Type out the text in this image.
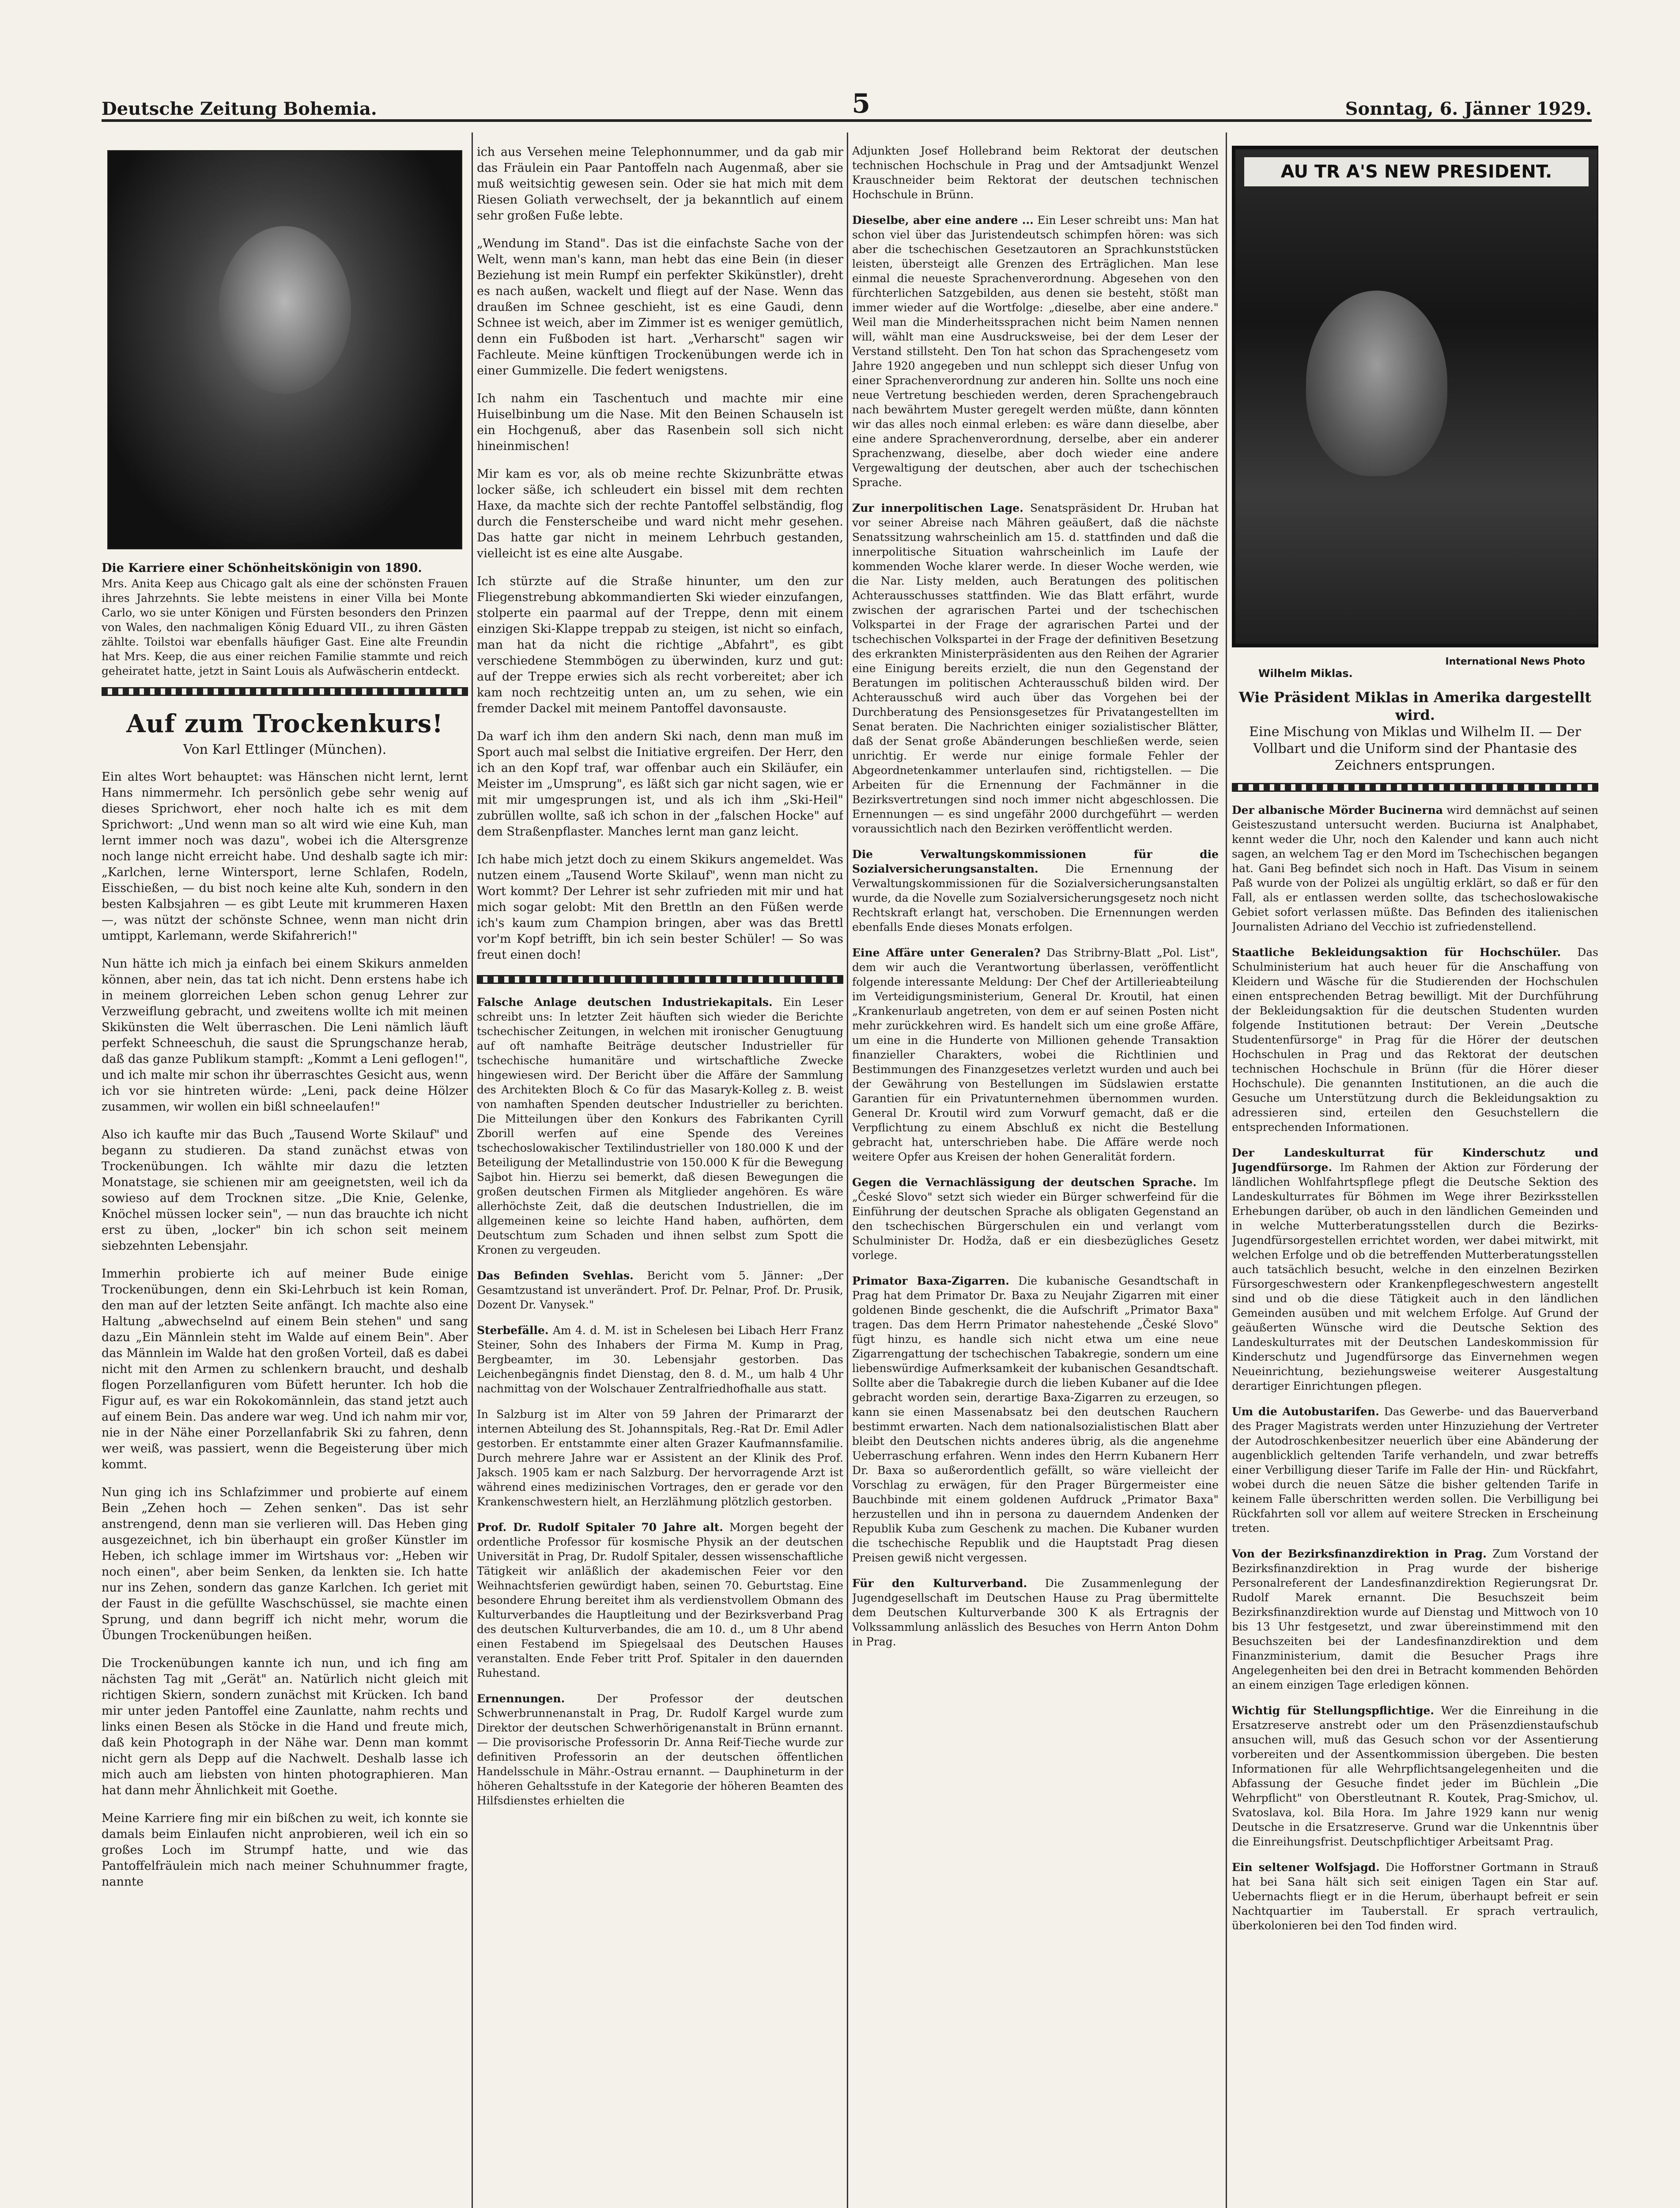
Deutsche Zeitung Bohemia.	5	Sonntag, 6. Jänner 1929.
Die Karriere einer Schönheitskönigin von 1890.
Mrs. Anita Keep aus Chicago galt als eine der schönsten Frauen ihres Jahrzehnts. Sie lebte meistens in einer Villa bei Monte Carlo, wo sie unter Königen und Fürsten besonders den Prinzen von Wales, den nachmaligen König Eduard VII., zu ihren Gästen zählte. Toilstoi war ebenfalls häufiger Gast. Eine alte Freundin hat Mrs. Keep, die aus einer reichen Familie stammte und reich geheiratet hatte, jetzt in Saint Louis als Aufwäscherin entdeckt.
Auf zum Trockenkurs!
Von Karl Ettlinger (München).

Ein altes Wort behauptet: was Hänschen nicht lernt, lernt Hans nimmermehr. Ich persönlich gebe sehr wenig auf dieses Sprichwort, eher noch halte ich es mit dem Sprichwort: „Und wenn man so alt wird wie eine Kuh, man lernt immer noch was dazu", wobei ich die Altersgrenze noch lange nicht erreicht habe. Und deshalb sagte ich mir: „Karlchen, lerne Wintersport, lerne Schlafen, Rodeln, Eisschießen, — du bist noch keine alte Kuh, sondern in den besten Kalbsjahren — es gibt Leute mit krummeren Haxen —, was nützt der schönste Schnee, wenn man nicht drin umtippt, Karlemann, werde Skifahrerich!"

Nun hätte ich mich ja einfach bei einem Skikurs anmelden können, aber nein, das tat ich nicht. Denn erstens habe ich in meinem glorreichen Leben schon genug Lehrer zur Verzweiflung gebracht, und zweitens wollte ich mit meinen Skikünsten die Welt überraschen. Die Leni nämlich läuft perfekt Schneeschuh, die saust die Sprungschanze herab, daß das ganze Publikum stampft: „Kommt a Leni geflogen!", und ich malte mir schon ihr überraschtes Gesicht aus, wenn ich vor sie hintreten würde: „Leni, pack deine Hölzer zusammen, wir wollen ein bißl schneelaufen!"

Also ich kaufte mir das Buch „Tausend Worte Skilauf" und begann zu studieren. Da stand zunächst etwas von Trockenübungen. Ich wählte mir dazu die letzten Monatstage, sie schienen mir am geeignetsten, weil ich da sowieso auf dem Trocknen sitze. „Die Knie, Gelenke, Knöchel müssen locker sein", — nun das brauchte ich nicht erst zu üben, „locker" bin ich schon seit meinem siebzehnten Lebensjahr.

Immerhin probierte ich auf meiner Bude einige Trockenübungen, denn ein Ski-Lehrbuch ist kein Roman, den man auf der letzten Seite anfängt. Ich machte also eine Haltung „abwechselnd auf einem Bein stehen" und sang dazu „Ein Männlein steht im Walde auf einem Bein". Aber das Männlein im Walde hat den großen Vorteil, daß es dabei nicht mit den Armen zu schlenkern braucht, und deshalb flogen Porzellanfiguren vom Büfett herunter. Ich hob die Figur auf, es war ein Rokokomännlein, das stand jetzt auch auf einem Bein. Das andere war weg. Und ich nahm mir vor, nie in der Nähe einer Porzellanfabrik Ski zu fahren, denn wer weiß, was passiert, wenn die Begeisterung über mich kommt.

Nun ging ich ins Schlafzimmer und probierte auf einem Bein „Zehen hoch — Zehen senken". Das ist sehr anstrengend, denn man sie verlieren will. Das Heben ging ausgezeichnet, ich bin überhaupt ein großer Künstler im Heben, ich schlage immer im Wirtshaus vor: „Heben wir noch einen", aber beim Senken, da lenkten sie. Ich hatte nur ins Zehen, sondern das ganze Karlchen. Ich geriet mit der Faust in die gefüllte Waschschüssel, sie machte einen Sprung, und dann begriff ich nicht mehr, worum die Übungen Trockenübungen heißen.

Die Trockenübungen kannte ich nun, und ich fing am nächsten Tag mit „Gerät" an. Natürlich nicht gleich mit richtigen Skiern, sondern zunächst mit Krücken. Ich band mir unter jeden Pantoffel eine Zaunlatte, nahm rechts und links einen Besen als Stöcke in die Hand und freute mich, daß kein Photograph in der Nähe war. Denn man kommt nicht gern als Depp auf die Nachwelt. Deshalb lasse ich mich auch am liebsten von hinten photographieren. Man hat dann mehr Ähnlichkeit mit Goethe.

Meine Karriere fing mir ein bißchen zu weit, ich konnte sie damals beim Einlaufen nicht anprobieren, weil ich ein so großes Loch im Strumpf hatte, und wie das Pantoffelfräulein mich nach meiner Schuhnummer fragte, nannte

ich aus Versehen meine Telephonnummer, und da gab mir das Fräulein ein Paar Pantoffeln nach Augenmaß, aber sie muß weitsichtig gewesen sein. Oder sie hat mich mit dem Riesen Goliath verwechselt, der ja bekanntlich auf einem sehr großen Fuße lebte.

„Wendung im Stand". Das ist die einfachste Sache von der Welt, wenn man's kann, man hebt das eine Bein (in dieser Beziehung ist mein Rumpf ein perfekter Skikünstler), dreht es nach außen, wackelt und fliegt auf der Nase. Wenn das draußen im Schnee geschieht, ist es eine Gaudi, denn Schnee ist weich, aber im Zimmer ist es weniger gemütlich, denn ein Fußboden ist hart. „Verharscht" sagen wir Fachleute. Meine künftigen Trockenübungen werde ich in einer Gummizelle. Die federt wenigstens.

Ich nahm ein Taschentuch und machte mir eine Huiselbinbung um die Nase. Mit den Beinen Schauseln ist ein Hochgenuß, aber das Rasenbein soll sich nicht hineinmischen!

Mir kam es vor, als ob meine rechte Skizunbrätte etwas locker säße, ich schleudert ein bissel mit dem rechten Haxe, da machte sich der rechte Pantoffel selbständig, flog durch die Fensterscheibe und ward nicht mehr gesehen. Das hatte gar nicht in meinem Lehrbuch gestanden, vielleicht ist es eine alte Ausgabe.

Ich stürzte auf die Straße hinunter, um den zur Fliegenstrebung abkommandierten Ski wieder einzufangen, stolperte ein paarmal auf der Treppe, denn mit einem einzigen Ski-Klappe treppab zu steigen, ist nicht so einfach, man hat da nicht die richtige „Abfahrt", es gibt verschiedene Stemmbögen zu überwinden, kurz und gut: auf der Treppe erwies sich als recht vorbereitet; aber ich kam noch rechtzeitig unten an, um zu sehen, wie ein fremder Dackel mit meinem Pantoffel davonsauste.

Da warf ich ihm den andern Ski nach, denn man muß im Sport auch mal selbst die Initiative ergreifen. Der Herr, den ich an den Kopf traf, war offenbar auch ein Skiläufer, ein Meister im „Umsprung", es läßt sich gar nicht sagen, wie er mit mir umgesprungen ist, und als ich ihm „Ski-Heil" zubrüllen wollte, saß ich schon in der „falschen Hocke" auf dem Straßenpflaster. Manches lernt man ganz leicht.

Ich habe mich jetzt doch zu einem Skikurs angemeldet. Was nutzen einem „Tausend Worte Skilauf", wenn man nicht zu Wort kommt? Der Lehrer ist sehr zufrieden mit mir und hat mich sogar gelobt: Mit den Brettln an den Füßen werde ich's kaum zum Champion bringen, aber was das Brettl vor'm Kopf betrifft, bin ich sein bester Schüler! — So was freut einen doch!

Falsche Anlage deutschen Industriekapitals. Ein Leser schreibt uns: In letzter Zeit häuften sich wieder die Berichte tschechischer Zeitungen, in welchen mit ironischer Genugtuung auf oft namhafte Beiträge deutscher Industrieller für tschechische humanitäre und wirtschaftliche Zwecke hingewiesen wird. Der Bericht über die Affäre der Sammlung des Architekten Bloch & Co für das Masaryk-Kolleg z. B. weist von namhaften Spenden deutscher Industrieller zu berichten. Die Mitteilungen über den Konkurs des Fabrikanten Cyrill Zborill werfen auf eine Spende des Vereines tschechoslowakischer Textilindustrieller von 180.000 K und der Beteiligung der Metallindustrie von 150.000 K für die Bewegung Sajbot hin. Hierzu sei bemerkt, daß diesen Bewegungen die großen deutschen Firmen als Mitglieder angehören. Es wäre allerhöchste Zeit, daß die deutschen Industriellen, die im allgemeinen keine so leichte Hand haben, aufhörten, dem Deutschtum zum Schaden und ihnen selbst zum Spott die Kronen zu vergeuden.

Das Befinden Svehlas. Bericht vom 5. Jänner: „Der Gesamtzustand ist unverändert. Prof. Dr. Pelnar, Prof. Dr. Prusik, Dozent Dr. Vanysek."

Sterbefälle. Am 4. d. M. ist in Schelesen bei Libach Herr Franz Steiner, Sohn des Inhabers der Firma M. Kump in Prag, Bergbeamter, im 30. Lebensjahr gestorben. Das Leichenbegängnis findet Dienstag, den 8. d. M., um halb 4 Uhr nachmittag von der Wolschauer Zentralfriedhofhalle aus statt.

In Salzburg ist im Alter von 59 Jahren der Primararzt der internen Abteilung des St. Johannspitals, Reg.-Rat Dr. Emil Adler gestorben. Er entstammte einer alten Grazer Kaufmannsfamilie. Durch mehrere Jahre war er Assistent an der Klinik des Prof. Jaksch. 1905 kam er nach Salzburg. Der hervorragende Arzt ist während eines medizinischen Vortrages, den er gerade vor den Krankenschwestern hielt, an Herzlähmung plötzlich gestorben.

Prof. Dr. Rudolf Spitaler 70 Jahre alt. Morgen begeht der ordentliche Professor für kosmische Physik an der deutschen Universität in Prag, Dr. Rudolf Spitaler, dessen wissenschaftliche Tätigkeit wir anläßlich der akademischen Feier vor den Weihnachtsferien gewürdigt haben, seinen 70. Geburtstag. Eine besondere Ehrung bereitet ihm als verdienstvollem Obmann des Kulturverbandes die Hauptleitung und der Bezirksverband Prag des deutschen Kulturverbandes, die am 10. d., um 8 Uhr abend einen Festabend im Spiegelsaal des Deutschen Hauses veranstalten. Ende Feber tritt Prof. Spitaler in den dauernden Ruhestand.

Ernennungen.	Der Professor der deutschen Schwerbrunnenanstalt in Prag, Dr. Rudolf Kargel wurde zum Direktor der deutschen Schwerhörigenanstalt in Brünn ernannt. — Die provisorische Professorin Dr. Anna Reif-Tieche wurde zur definitiven Professorin an der deutschen öffentlichen Handelsschule in Mähr.-Ostrau ernannt. — Dauphineturm in der höheren Gehaltsstufe in der Kategorie der höheren Beamten des Hilfsdienstes erhielten die

Adjunkten Josef Hollebrand beim Rektorat der deutschen technischen Hochschule in Prag und der Amtsadjunkt Wenzel Krauschneider beim Rektorat der deutschen technischen Hochschule in Brünn.

Dieselbe, aber eine andere ... Ein Leser schreibt uns: Man hat schon viel über das Juristendeutsch schimpfen hören: was sich aber die tschechischen Gesetzautoren an Sprachkunststücken leisten, übersteigt alle Grenzen des Erträglichen. Man lese einmal die neueste Sprachenverordnung. Abgesehen von den fürchterlichen Satzgebilden, aus denen sie besteht, stößt man immer wieder auf die Wortfolge: „dieselbe, aber eine andere." Weil man die Minderheitssprachen nicht beim Namen nennen will, wählt man eine Ausdrucksweise, bei der dem Leser der Verstand stillsteht. Den Ton hat schon das Sprachengesetz vom Jahre 1920 angegeben und nun schleppt sich dieser Unfug von einer Sprachenverordnung zur anderen hin. Sollte uns noch eine neue Vertretung beschieden werden, deren Sprachengebrauch nach bewährtem Muster geregelt werden müßte, dann könnten wir das alles noch einmal erleben: es wäre dann dieselbe, aber eine andere Sprachenverordnung, derselbe, aber ein anderer Sprachenzwang, dieselbe, aber doch wieder eine andere Vergewaltigung der deutschen, aber auch der tschechischen Sprache.

Zur innerpolitischen Lage. Senatspräsident Dr. Hruban hat vor seiner Abreise nach Mähren geäußert, daß die nächste Senatssitzung wahrscheinlich am 15. d. stattfinden und daß die innerpolitische Situation wahrscheinlich im Laufe der kommenden Woche klarer werde. In dieser Woche werden, wie die Nar. Listy melden, auch Beratungen des politischen Achterausschusses stattfinden. Wie das Blatt erfährt, wurde zwischen der agrarischen Partei und der tschechischen Volkspartei in der Frage der agrarischen Partei und der tschechischen Volkspartei in der Frage der definitiven Besetzung des erkrankten Ministerpräsidenten aus den Reihen der Agrarier eine Einigung bereits erzielt, die nun den Gegenstand der Beratungen im politischen Achterausschuß bilden wird. Der Achterausschuß wird auch über das Vorgehen bei der Durchberatung des Pensionsgesetzes für Privatangestellten im Senat beraten. Die Nachrichten einiger sozialistischer Blätter, daß der Senat große Abänderungen beschließen werde, seien unrichtig. Er werde nur einige formale Fehler der Abgeordnetenkammer unterlaufen sind, richtigstellen. — Die Arbeiten für die Ernennung der Fachmänner in die Bezirksvertretungen sind noch immer nicht abgeschlossen. Die Ernennungen — es sind ungefähr 2000 durchgeführt — werden voraussichtlich nach den Bezirken veröffentlicht werden.

Die Verwaltungskommissionen für die Sozialversicherungsanstalten. Die Ernennung der Verwaltungskommissionen für die Sozialversicherungsanstalten wurde, da die Novelle zum Sozialversicherungsgesetz noch nicht Rechtskraft erlangt hat, verschoben. Die Ernennungen werden ebenfalls Ende dieses Monats erfolgen.

Eine Affäre unter Generalen? Das Stribrny-Blatt „Pol. List", dem wir auch die Verantwortung überlassen, veröffentlicht folgende interessante Meldung: Der Chef der Artillerieabteilung im Verteidigungsministerium, General Dr. Kroutil, hat einen „Krankenurlaub angetreten, von dem er auf seinen Posten nicht mehr zurückkehren wird. Es handelt sich um eine große Affäre, um eine in die Hunderte von Millionen gehende Transaktion finanzieller Charakters, wobei die Richtlinien und Bestimmungen des Finanzgesetzes verletzt wurden und auch bei der Gewährung von Bestellungen im Südslawien erstatte Garantien für ein Privatunternehmen übernommen wurden. General Dr. Kroutil wird zum Vorwurf gemacht, daß er die Verpflichtung zu einem Abschluß ex nicht die Bestellung gebracht hat, unterschrieben habe. Die Affäre werde noch weitere Opfer aus Kreisen der hohen Generalität fordern.

Gegen die Vernachlässigung der deutschen Sprache. Im „České Slovo" setzt sich wieder ein Bürger schwerfeind für die Einführung der deutschen Sprache als obligaten Gegenstand an den tschechischen Bürgerschulen ein und verlangt vom Schulminister Dr. Hodža, daß er ein diesbezügliches Gesetz vorlege.

Primator Baxa-Zigarren. Die kubanische Gesandtschaft in Prag hat dem Primator Dr. Baxa zu Neujahr Zigarren mit einer goldenen Binde geschenkt, die die Aufschrift „Primator Baxa" tragen. Das dem Herrn Primator nahestehende „České Slovo" fügt hinzu, es handle sich nicht etwa um eine neue Zigarrengattung der tschechischen Tabakregie, sondern um eine liebenswürdige Aufmerksamkeit der kubanischen Gesandtschaft. Sollte aber die Tabakregie durch die lieben Kubaner auf die Idee gebracht worden sein, derartige Baxa-Zigarren zu erzeugen, so kann sie einen Massenabsatz bei den deutschen Rauchern bestimmt erwarten. Nach dem nationalsozialistischen Blatt aber bleibt den Deutschen nichts anderes übrig, als die angenehme Ueberraschung erfahren. Wenn indes den Herrn Kubanern Herr Dr. Baxa so außerordentlich gefällt, so wäre vielleicht der Vorschlag zu erwägen, für den Prager Bürgermeister eine Bauchbinde mit einem goldenen Aufdruck „Primator Baxa" herzustellen und ihn in persona zu dauerndem Andenken der Republik Kuba zum Geschenk zu machen. Die Kubaner wurden die tschechische Republik und die Hauptstadt Prag diesen Preisen gewiß nicht vergessen.

Für den Kulturverband. Die Zusammenlegung der Jugendgesellschaft im Deutschen Hause zu Prag übermittelte dem Deutschen Kulturverbande 300 K als Ertragnis der Volkssammlung anlässlich des Besuches von Herrn Anton Dohm in Prag.

AU TR A'S NEW PRESIDENT.
International News Photo
Wilhelm Miklas.
Wie Präsident Miklas in Amerika dargestellt wird.
Eine Mischung von Miklas und Wilhelm II. — Der Vollbart und die Uniform sind der Phantasie des Zeichners entsprungen.

Der albanische Mörder Bucinerna wird demnächst auf seinen Geisteszustand untersucht werden. Buciurna ist Analphabet, kennt weder die Uhr, noch den Kalender und kann auch nicht sagen, an welchem Tag er den Mord im Tschechischen begangen hat. Gani Beg befindet sich noch in Haft. Das Visum in seinem Paß wurde von der Polizei als ungültig erklärt, so daß er für den Fall, als er entlassen werden sollte, das tschechoslowakische Gebiet sofort verlassen müßte. Das Befinden des italienischen Journalisten Adriano del Vecchio ist zufriedenstellend.

Staatliche Bekleidungsaktion für Hochschüler. Das Schulministerium hat auch heuer für die Anschaffung von Kleidern und Wäsche für die Studierenden der Hochschulen einen entsprechenden Betrag bewilligt. Mit der Durchführung der Bekleidungsaktion für die deutschen Studenten wurden folgende Institutionen betraut: Der Verein „Deutsche Studentenfürsorge" in Prag für die Hörer der deutschen Hochschulen in Prag und das Rektorat der deutschen technischen Hochschule in Brünn (für die Hörer dieser Hochschule). Die genannten Institutionen, an die auch die Gesuche um Unterstützung durch die Bekleidungsaktion zu adressieren sind, erteilen den Gesuchstellern die entsprechenden Informationen.

Der Landeskulturrat für Kinderschutz und Jugendfürsorge. Im Rahmen der Aktion zur Förderung der ländlichen Wohlfahrtspflege pflegt die Deutsche Sektion des Landeskulturrates für Böhmen im Wege ihrer Bezirksstellen Erhebungen darüber, ob auch in den ländlichen Gemeinden und in welche Mutterberatungsstellen durch die Bezirks-Jugendfürsorgestellen errichtet worden, wer dabei mitwirkt, mit welchen Erfolge und ob die betreffenden Mutterberatungsstellen auch tatsächlich besucht, welche in den einzelnen Bezirken Fürsorgeschwestern oder Krankenpflegeschwestern angestellt sind und ob die diese Tätigkeit auch in den ländlichen Gemeinden ausüben und mit welchem Erfolge. Auf Grund der geäußerten Wünsche wird die Deutsche Sektion des Landeskulturrates mit der Deutschen Landeskommission für Kinderschutz und Jugendfürsorge das Einvernehmen wegen Neueinrichtung, beziehungsweise weiterer Ausgestaltung derartiger Einrichtungen pflegen.

Um die Autobustarifen. Das Gewerbe- und das Bauerverband des Prager Magistrats werden unter Hinzuziehung der Vertreter der Autodroschkenbesitzer neuerlich über eine Abänderung der augenblicklich geltenden Tarife verhandeln, und zwar betreffs einer Verbilligung dieser Tarife im Falle der Hin- und Rückfahrt, wobei durch die neuen Sätze die bisher geltenden Tarife in keinem Falle überschritten werden sollen. Die Verbilligung bei Rückfahrten soll vor allem auf weitere Strecken in Erscheinung treten.

Von der Bezirksfinanzdirektion in Prag. Zum Vorstand der Bezirksfinanzdirektion in Prag wurde der bisherige Personalreferent der Landesfinanzdirektion Regierungsrat Dr. Rudolf Marek ernannt. Die Besuchszeit beim Bezirksfinanzdirektion wurde auf Dienstag und Mittwoch von 10 bis 13 Uhr festgesetzt, und zwar übereinstimmend mit den Besuchszeiten bei der Landesfinanzdirektion und dem Finanzministerium, damit die Besucher Prags ihre Angelegenheiten bei den drei in Betracht kommenden Behörden an einem einzigen Tage erledigen können.

Wichtig für Stellungspflichtige. Wer die Einreihung in die Ersatzreserve anstrebt oder um den Präsenzdienstaufschub ansuchen will, muß das Gesuch schon vor der Assentierung vorbereiten und der Assentkommission übergeben. Die besten Informationen für alle Wehrpflichtsangelegenheiten und die Abfassung der Gesuche findet jeder im Büchlein „Die Wehrpflicht" von Oberstleutnant R. Koutek, Prag-Smichov, ul. Svatoslava, kol. Bila Hora. Im Jahre 1929 kann nur wenig Deutsche in die Ersatzreserve. Grund war die Unkenntnis über die Einreihungsfrist. Deutschpflichtiger Arbeitsamt Prag.

Ein seltener Wolfsjagd. Die Hofforstner Gortmann in Strauß hat bei Sana hält sich seit einigen Tagen ein Star auf. Uebernachts fliegt er in die Herum, überhaupt befreit er sein Nachtquartier im Tauberstall. Er sprach vertraulich, überkolonieren bei den Tod finden wird.
